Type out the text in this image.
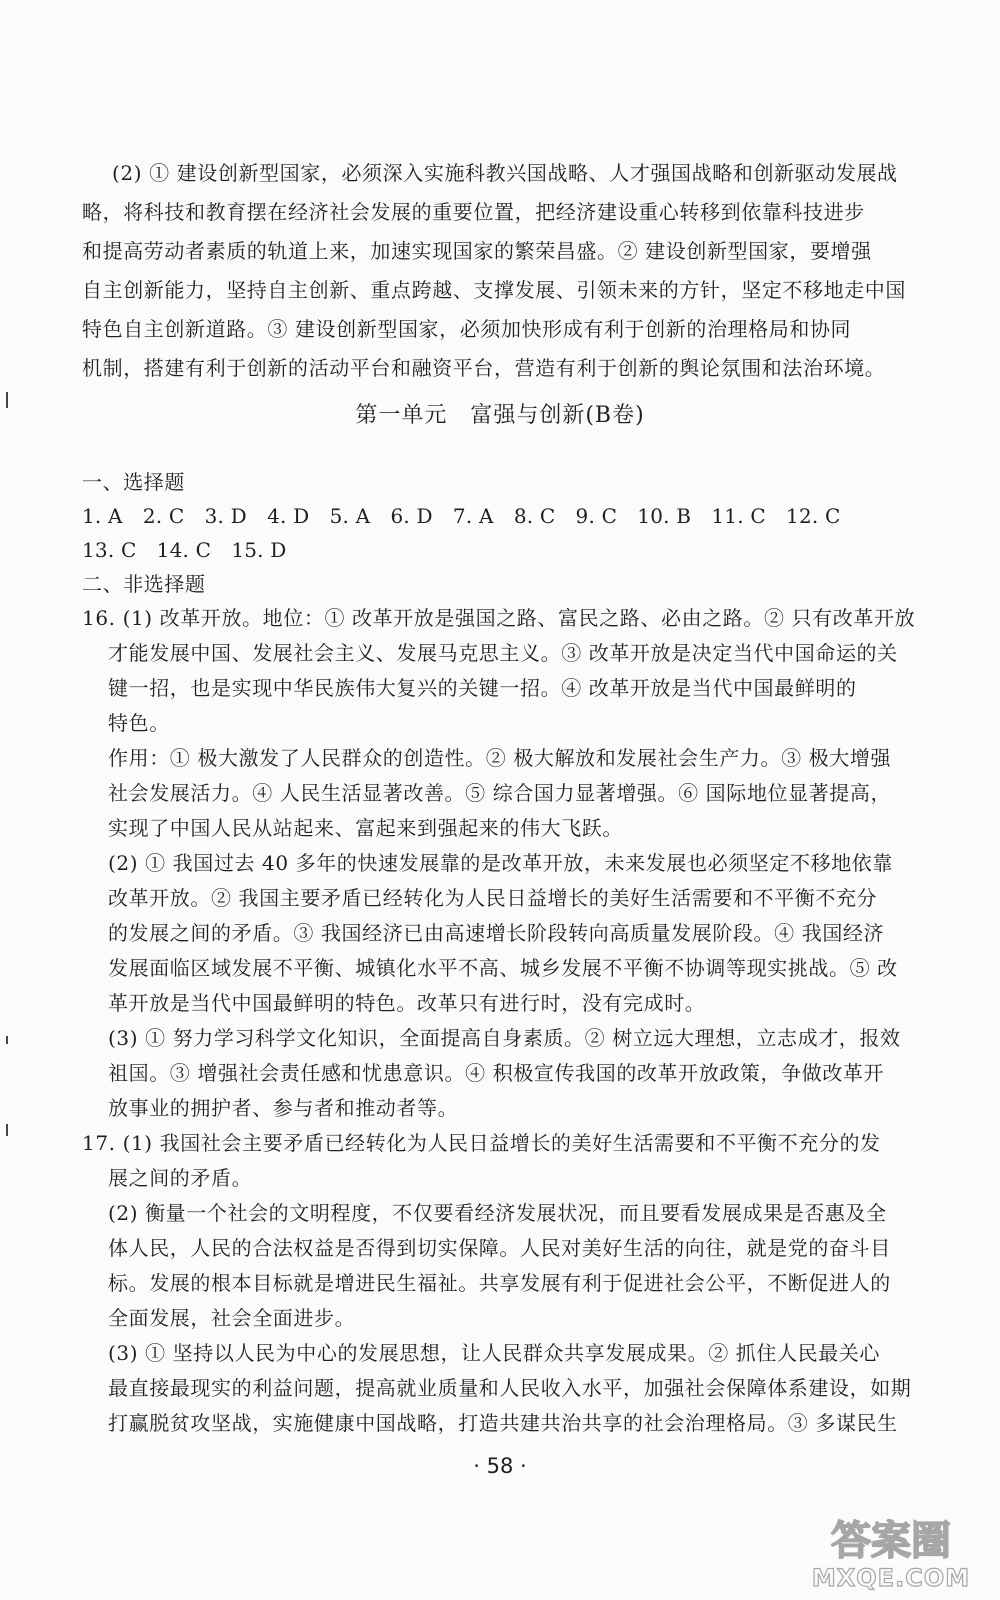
(2) ① 建设创新型国家，必须深入实施科教兴国战略、人才强国战略和创新驱动发展战
略，将科技和教育摆在经济社会发展的重要位置，把经济建设重心转移到依靠科技进步
和提高劳动者素质的轨道上来，加速实现国家的繁荣昌盛。② 建设创新型国家，要增强
自主创新能力，坚持自主创新、重点跨越、支撑发展、引领未来的方针，坚定不移地走中国
特色自主创新道路。③ 建设创新型国家，必须加快形成有利于创新的治理格局和协同
机制，搭建有利于创新的活动平台和融资平台，营造有利于创新的舆论氛围和法治环境。
第一单元　富强与创新(B卷)
一、选择题
1. A　2. C　3. D　4. D　5. A　6. D　7. A　8. C　9. C　10. B　11. C　12. C
13. C　14. C　15. D
二、非选择题
16. (1) 改革开放。地位：① 改革开放是强国之路、富民之路、必由之路。② 只有改革开放
才能发展中国、发展社会主义、发展马克思主义。③ 改革开放是决定当代中国命运的关
键一招，也是实现中华民族伟大复兴的关键一招。④ 改革开放是当代中国最鲜明的
特色。
作用：① 极大激发了人民群众的创造性。② 极大解放和发展社会生产力。③ 极大增强
社会发展活力。④ 人民生活显著改善。⑤ 综合国力显著增强。⑥ 国际地位显著提高，
实现了中国人民从站起来、富起来到强起来的伟大飞跃。
(2) ① 我国过去 40 多年的快速发展靠的是改革开放，未来发展也必须坚定不移地依靠
改革开放。② 我国主要矛盾已经转化为人民日益增长的美好生活需要和不平衡不充分
的发展之间的矛盾。③ 我国经济已由高速增长阶段转向高质量发展阶段。④ 我国经济
发展面临区域发展不平衡、城镇化水平不高、城乡发展不平衡不协调等现实挑战。⑤ 改
革开放是当代中国最鲜明的特色。改革只有进行时，没有完成时。
(3) ① 努力学习科学文化知识，全面提高自身素质。② 树立远大理想，立志成才，报效
祖国。③ 增强社会责任感和忧患意识。④ 积极宣传我国的改革开放政策，争做改革开
放事业的拥护者、参与者和推动者等。
17. (1) 我国社会主要矛盾已经转化为人民日益增长的美好生活需要和不平衡不充分的发
展之间的矛盾。
(2) 衡量一个社会的文明程度，不仅要看经济发展状况，而且要看发展成果是否惠及全
体人民，人民的合法权益是否得到切实保障。人民对美好生活的向往，就是党的奋斗目
标。发展的根本目标就是增进民生福祉。共享发展有利于促进社会公平，不断促进人的
全面发展，社会全面进步。
(3) ① 坚持以人民为中心的发展思想，让人民群众共享发展成果。② 抓住人民最关心
最直接最现实的利益问题，提高就业质量和人民收入水平，加强社会保障体系建设，如期
打赢脱贫攻坚战，实施健康中国战略，打造共建共治共享的社会治理格局。③ 多谋民生
· 58 ·
答案圈
MXQE.COM
